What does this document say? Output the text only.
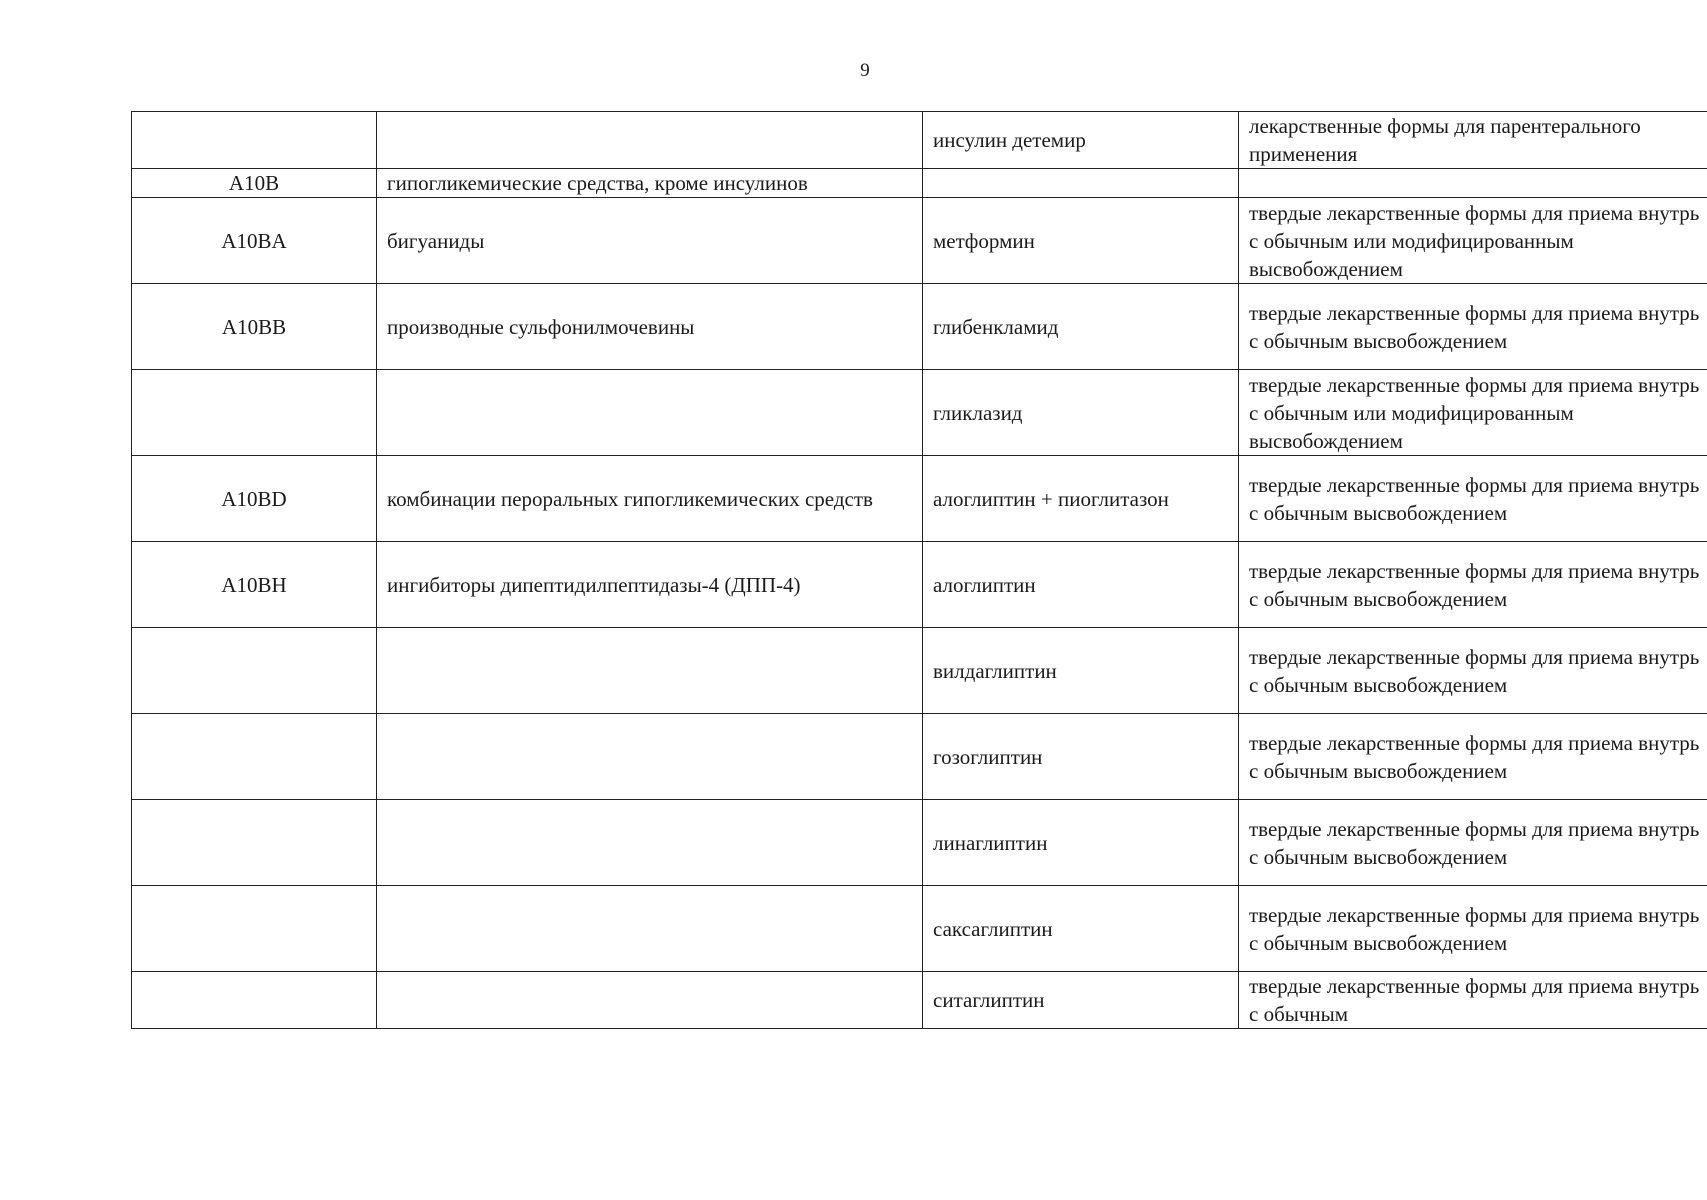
9
		инсулин детемир	лекарственные формы для парентерального применения
A10B	гипогликемические средства, кроме инсулинов		
A10BA	бигуаниды	метформин	твердые лекарственные формы для приема внутрь с обычным или модифицированным высвобождением
A10BB	производные сульфонилмочевины	глибенкламид	твердые лекарственные формы для приема внутрь с обычным высвобождением
		гликлазид	твердые лекарственные формы для приема внутрь с обычным или модифицированным высвобождением
A10BD	комбинации пероральных гипогликемических средств	алоглиптин + пиоглитазон	твердые лекарственные формы для приема внутрь с обычным высвобождением
A10BH	ингибиторы дипептидилпептидазы-4 (ДПП-4)	алоглиптин	твердые лекарственные формы для приема внутрь с обычным высвобождением
		вилдаглиптин	твердые лекарственные формы для приема внутрь с обычным высвобождением
		гозоглиптин	твердые лекарственные формы для приема внутрь с обычным высвобождением
		линаглиптин	твердые лекарственные формы для приема внутрь с обычным высвобождением
		саксаглиптин	твердые лекарственные формы для приема внутрь с обычным высвобождением
		ситаглиптин	твердые лекарственные формы для приема внутрь с обычным
